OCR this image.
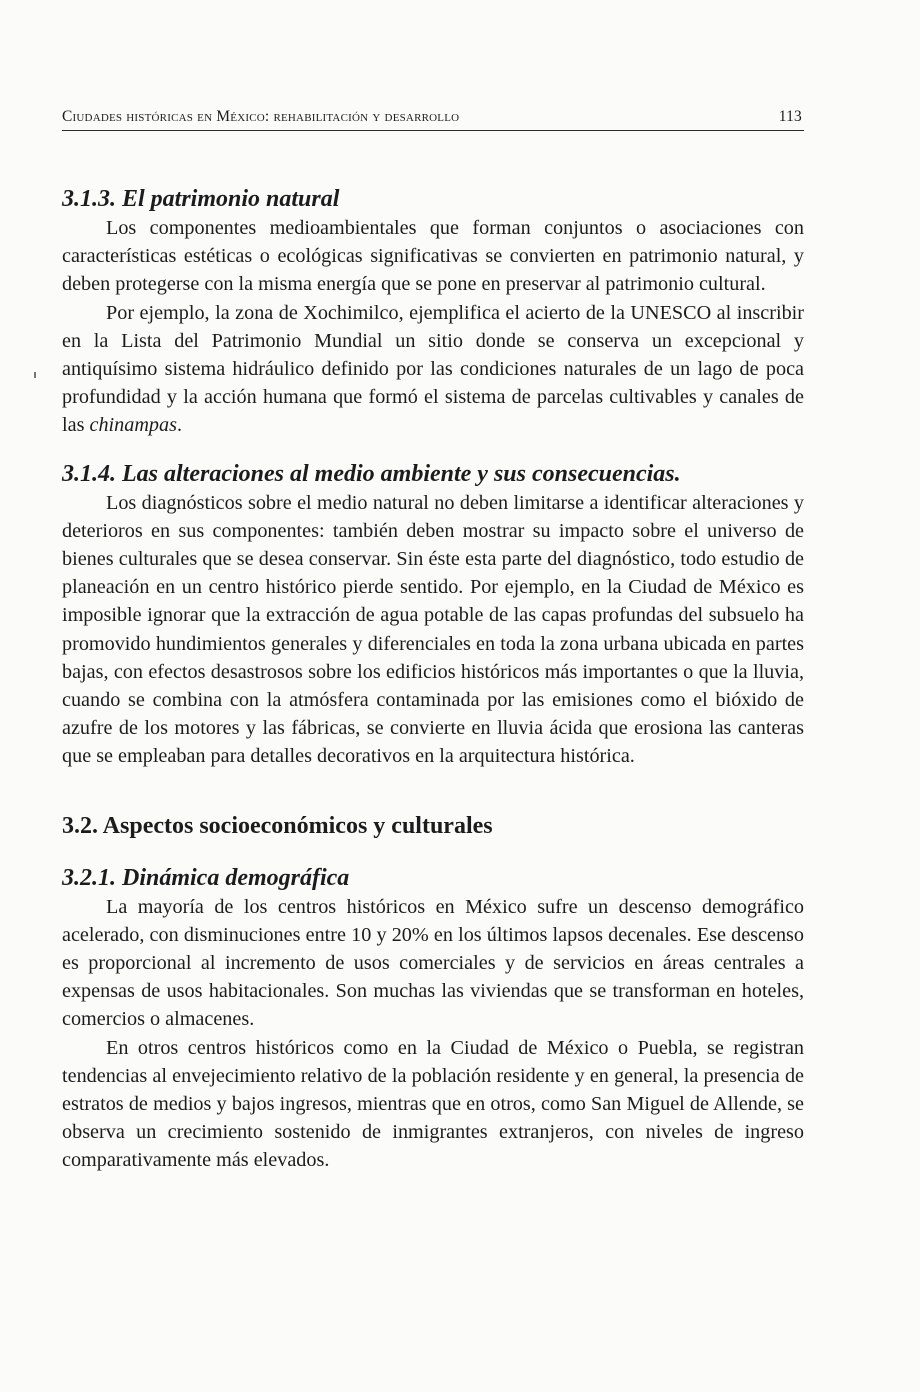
Ciudades históricas en México: rehabilitación y desarrollo	113
3.1.3. El patrimonio natural

Los componentes medioambientales que forman conjuntos o asociaciones con características estéticas o ecológicas significativas se convierten en patrimonio natural, y deben protegerse con la misma energía que se pone en preservar al patrimonio cultural.

Por ejemplo, la zona de Xochimilco, ejemplifica el acierto de la UNESCO al inscribir en la Lista del Patrimonio Mundial un sitio donde se conserva un excepcional y antiquísimo sistema hidráulico definido por las condiciones naturales de un lago de poca profundidad y la acción humana que formó el sistema de parcelas cultivables y canales de las chinampas.

3.1.4. Las alteraciones al medio ambiente y sus consecuencias.

Los diagnósticos sobre el medio natural no deben limitarse a identificar alteraciones y deterioros en sus componentes: también deben mostrar su impacto sobre el universo de bienes culturales que se desea conservar. Sin éste esta parte del diagnóstico, todo estudio de planeación en un centro histórico pierde sentido. Por ejemplo, en la Ciudad de México es imposible ignorar que la extracción de agua potable de las capas profundas del subsuelo ha promovido hundimientos generales y diferenciales en toda la zona urbana ubicada en partes bajas, con efectos desastrosos sobre los edificios históricos más importantes o que la lluvia, cuando se combina con la atmósfera contaminada por las emisiones como el bióxido de azufre de los motores y las fábricas, se convierte en lluvia ácida que erosiona las canteras que se empleaban para detalles decorativos en la arquitectura histórica.

3.2. Aspectos socioeconómicos y culturales
3.2.1. Dinámica demográfica

La mayoría de los centros históricos en México sufre un descenso demográfico acelerado, con disminuciones entre 10 y 20% en los últimos lapsos decenales. Ese descenso es proporcional al incremento de usos comerciales y de servicios en áreas centrales a expensas de usos habitacionales. Son muchas las viviendas que se transforman en hoteles, comercios o almacenes.

En otros centros históricos como en la Ciudad de México o Puebla, se registran tendencias al envejecimiento relativo de la población residente y en general, la presencia de estratos de medios y bajos ingresos, mientras que en otros, como San Miguel de Allende, se observa un crecimiento sostenido de inmigrantes extranjeros, con niveles de ingreso comparativamente más elevados.
